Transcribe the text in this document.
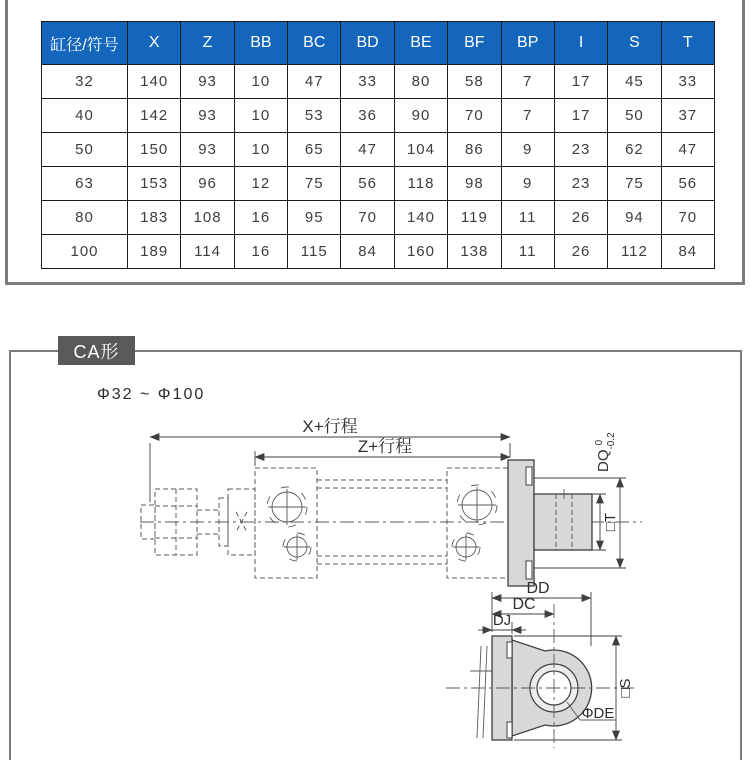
缸径/符号	X	Z	BB	BC	BD	BE	BF	BP	I	S	T
32	140	93	10	47	33	80	58	7	17	45	33
40	142	93	10	53	36	90	70	7	17	50	37
50	150	93	10	65	47	104	86	9	23	62	47
63	153	96	12	75	56	118	98	9	23	75	56
80	183	108	16	95	70	140	119	11	26	94	70
100	189	114	16	115	84	160	138	11	26	112	84
CA形
Φ32 ~ Φ100
X+行程
Z+行程
□T
DQ $^0$ -0.2
DD
DC
DJ
□S
ΦDE
